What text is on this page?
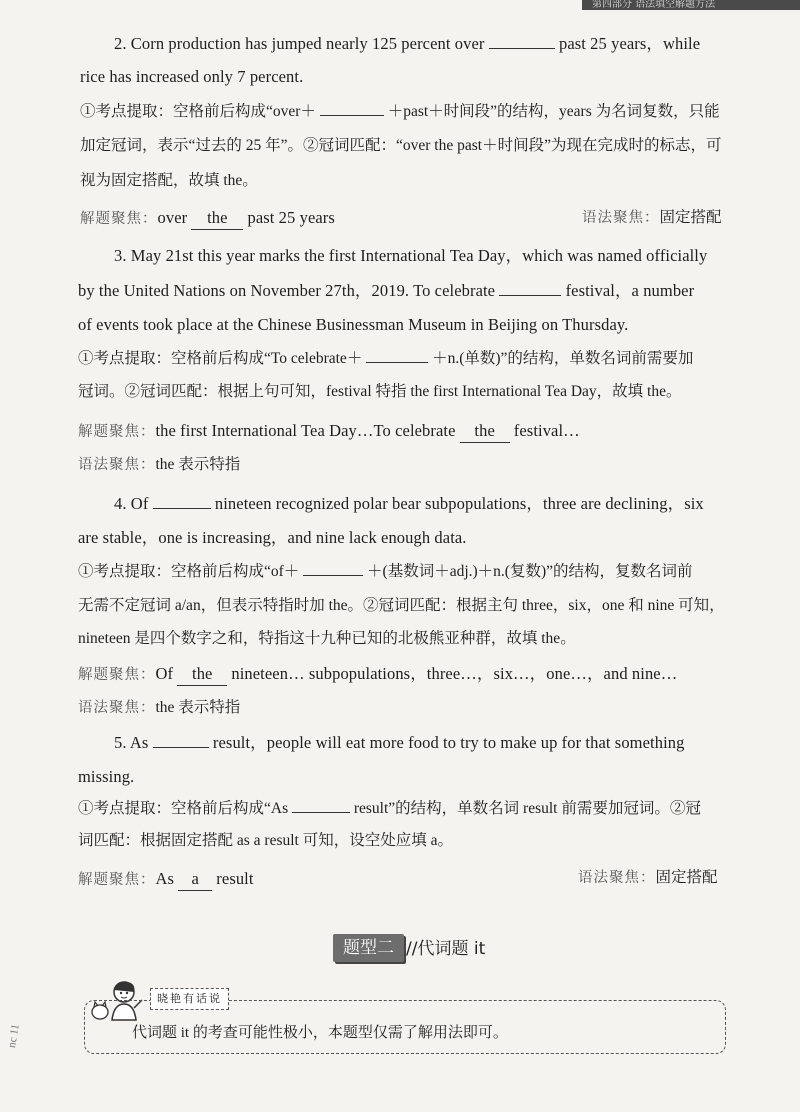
第四部分 语法填空解题方法
2. Corn production has jumped nearly 125 percent over	past 25 years，while
rice has increased only 7 percent.
①考点提取：空格前后构成“over＋	＋past＋时间段”的结构，years 为名词复数，只能
加定冠词，表示“过去的 25 年”。②冠词匹配：“over the past＋时间段”为现在完成时的标志，可
视为固定搭配，故填 the。
解题聚焦：over the past 25 years	语法聚焦：固定搭配
3. May 21st this year marks the first International Tea Day，which was named officially
by the United Nations on November 27th，2019. To celebrate	festival，a number
of events took place at the Chinese Businessman Museum in Beijing on Thursday.
①考点提取：空格前后构成“To celebrate＋	＋n.(单数)”的结构，单数名词前需要加
冠词。②冠词匹配：根据上句可知，festival 特指 the first International Tea Day，故填 the。
解题聚焦：the first International Tea Day…To celebrate the festival…
语法聚焦：the 表示特指
4. Of	nineteen recognized polar bear subpopulations，three are declining，six
are stable，one is increasing，and nine lack enough data.
①考点提取：空格前后构成“of＋	＋(基数词＋adj.)＋n.(复数)”的结构，复数名词前
无需不定冠词 a/an，但表示特指时加 the。②冠词匹配：根据主句 three，six，one 和 nine 可知，
nineteen 是四个数字之和，特指这十九种已知的北极熊亚种群，故填 the。
解题聚焦：Of the nineteen… subpopulations，three…，six…，one…，and nine…
语法聚焦：the 表示特指
5. As	result，people will eat more food to try to make up for that something
missing.
①考点提取：空格前后构成“As	result”的结构，单数名词 result 前需要加冠词。②冠
词匹配：根据固定搭配 as a result 可知，设空处应填 a。
解题聚焦：As a result	语法聚焦：固定搭配
题型二 //代词题 it
晓艳有话说
代词题 it 的考查可能性极小，本题型仅需了解用法即可。
nc 11
